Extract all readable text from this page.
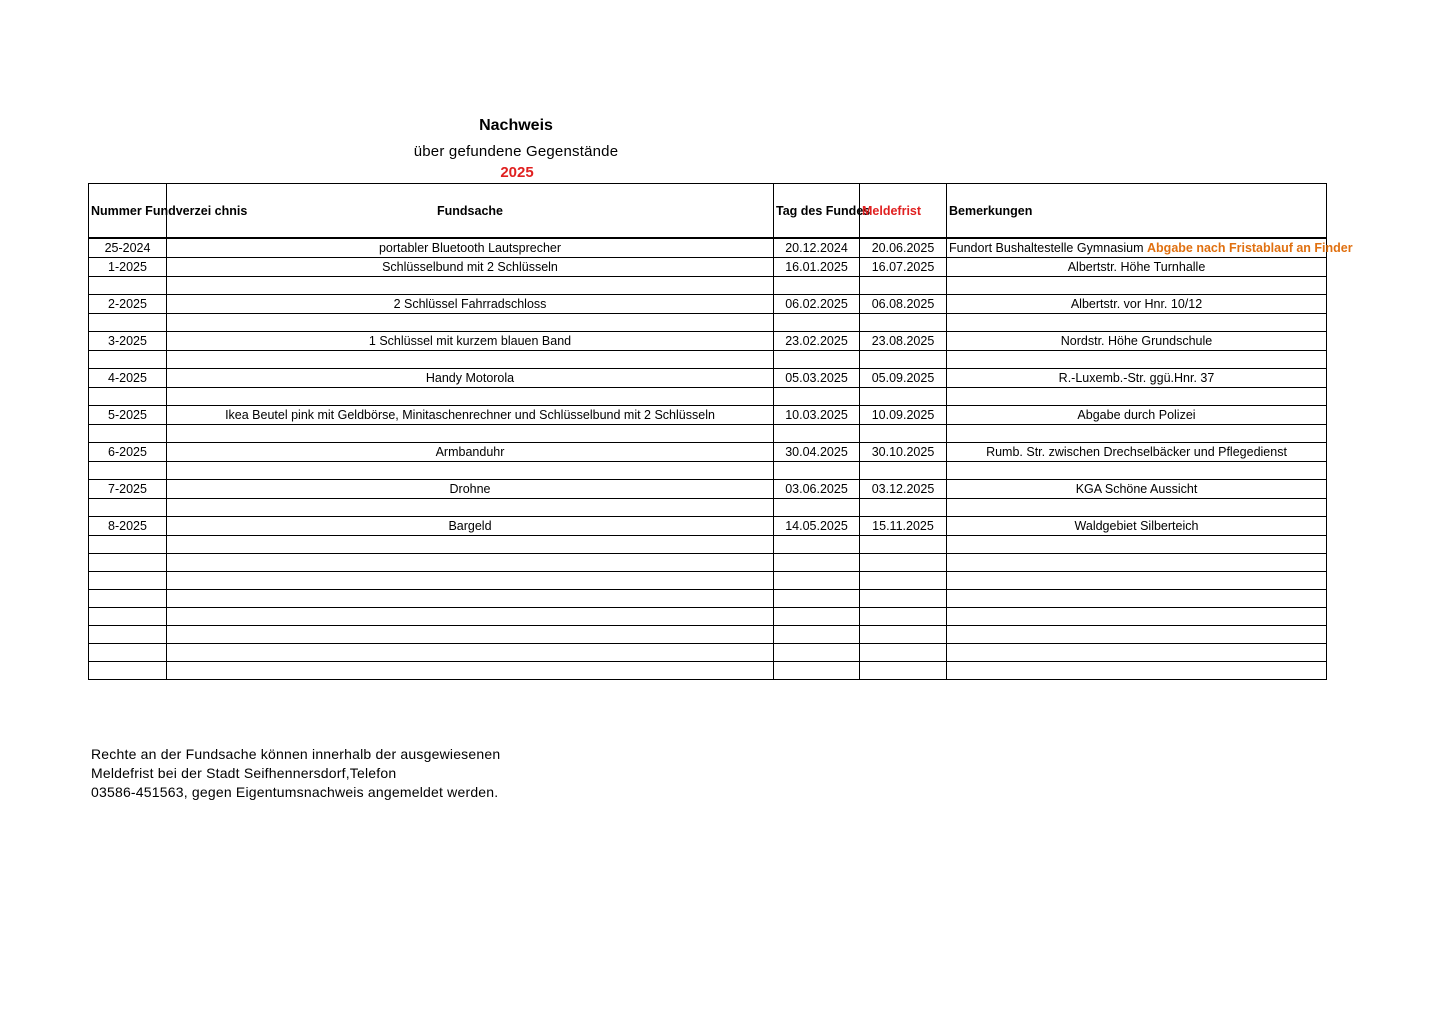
Nachweis
über gefundene Gegenstände
2025
Nummer Fundverzei chnis	Fundsache	Tag des Fundes	Meldefrist	Bemerkungen
25-2024	portabler Bluetooth Lautsprecher	20.12.2024	20.06.2025	Fundort Bushaltestelle Gymnasium Abgabe nach Fristablauf an Finder
1-2025	Schlüsselbund mit 2 Schlüsseln	16.01.2025	16.07.2025	Albertstr. Höhe Turnhalle

2-2025	2 Schlüssel Fahrradschloss	06.02.2025	06.08.2025	Albertstr. vor Hnr. 10/12

3-2025	1 Schlüssel mit kurzem blauen Band	23.02.2025	23.08.2025	Nordstr. Höhe Grundschule

4-2025	Handy Motorola	05.03.2025	05.09.2025	R.-Luxemb.-Str. ggü.Hnr. 37

5-2025	Ikea Beutel pink mit Geldbörse, Minitaschenrechner und Schlüsselbund mit 2 Schlüsseln	10.03.2025	10.09.2025	Abgabe durch Polizei

6-2025	Armbanduhr	30.04.2025	30.10.2025	Rumb. Str. zwischen Drechselbäcker und Pflegedienst

7-2025	Drohne	03.06.2025	03.12.2025	KGA Schöne Aussicht

8-2025	Bargeld	14.05.2025	15.11.2025	Waldgebiet Silberteich

Rechte an der Fundsache können innerhalb der ausgewiesenen
Meldefrist bei der Stadt Seifhennersdorf,Telefon
03586-451563, gegen Eigentumsnachweis angemeldet werden.
